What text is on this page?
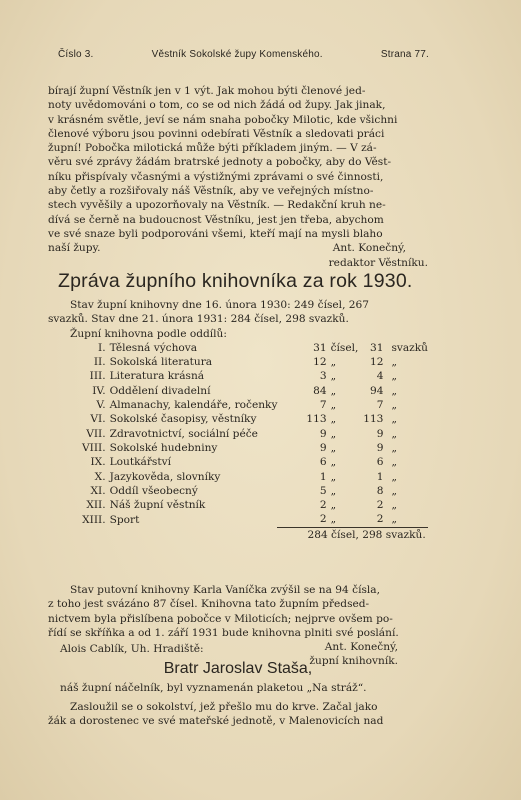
Číslo 3.	Věstník Sokolské župy Komenského.	Strana 77.
bírají župní Věstník jen v 1 výt. Jak mohou býti členové jed-
noty uvědomováni o tom, co se od nich žádá od župy. Jak jinak,
v krásném světle, jeví se nám snaha pobočky Milotic, kde všichni
členové výboru jsou povinni odebírati Věstník a sledovati práci
župní! Pobočka milotická může býti příkladem jiným. — V zá-
věru své zprávy žádám bratrské jednoty a pobočky, aby do Věst-
níku přispívaly včasnými a výstižnými zprávami o své činnosti,
aby četly a rozšiřovaly náš Věstník, aby ve veřejných místno-
stech vyvěšily a upozorňovaly na Věstník. — Redakční kruh ne-
dívá se černě na budoucnost Věstníku, jest jen třeba, abychom
ve své snaze byli podporováni všemi, kteří mají na mysli blaho
naší župy.	Ant. Konečný,
redaktor Věstníku.
Zpráva župního knihovníka za rok 1930.
Stav župní knihovny dne 16. února 1930: 249 čísel, 267
svazků. Stav dne 21. února 1931: 284 čísel, 298 svazků.
Župní knihovna podle oddílů:
I.	Tělesná výchova	31	čísel,	31	svazků
II.	Sokolská literatura	12	„	12	„
III.	Literatura krásná	3	„	4	„
IV.	Oddělení divadelní	84	„	94	„
V.	Almanachy, kalendáře, ročenky	7	„	7	„
VI.	Sokolské časopisy, věstníky	113	„	113	„
VII.	Zdravotnictví, sociální péče	9	„	9	„
VIII.	Sokolské hudebniny	9	„	9	„
IX.	Loutkářství	6	„	6	„
X.	Jazykověda, slovníky	1	„	1	„
XI.	Oddíl všeobecný	5	„	8	„
XII.	Náš župní věstník	2	„	2	„
XIII.	Sport	2	„	2	„
		284 čísel, 298 svazků.			
Stav putovní knihovny Karla Vaníčka zvýšil se na 94 čísla,
z toho jest svázáno 87 čísel. Knihovna tato župním předsed-
nictvem byla přislíbena pobočce v Miloticích; nejprve ovšem po-
řídí se skříňka a od 1. září 1931 bude knihovna plniti své poslání.
Ant. Konečný,
župní knihovník.
Alois Cablík, Uh. Hradiště:
Bratr Jaroslav Staša,
náš župní náčelník, byl vyznamenán plaketou „Na stráž“.
Zasloužil se o sokolství, jež přešlo mu do krve. Začal jako
žák a dorostenec ve své mateřské jednotě, v Malenovicích nad
